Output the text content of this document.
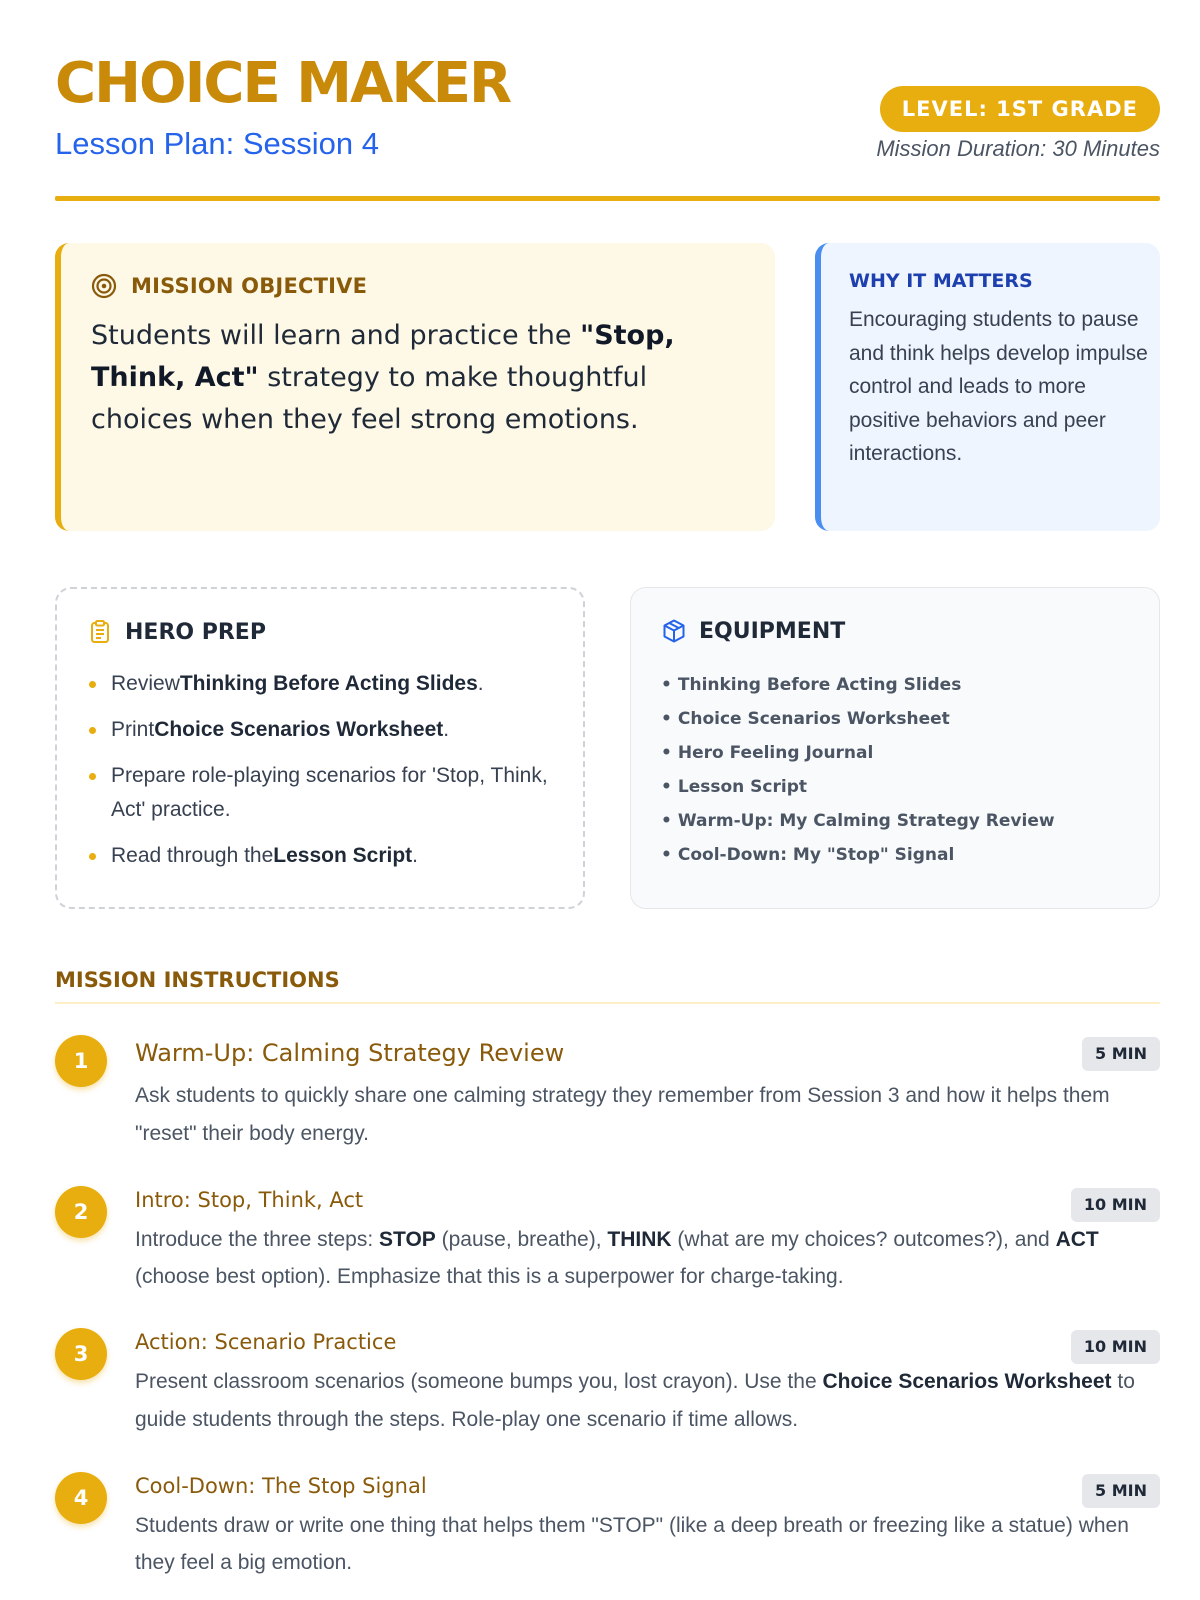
CHOICE MAKER
Lesson Plan: Session 4
LEVEL: 1ST GRADE
Mission Duration: 30 Minutes
MISSION OBJECTIVE
Students will learn and practice the "Stop, Think, Act" strategy to make thoughtful choices when they feel strong emotions.
WHY IT MATTERS
Encouraging students to pause and think helps develop impulse control and leads to more positive behaviors and peer interactions.
HERO PREP
ReviewThinking Before Acting Slides.
PrintChoice Scenarios Worksheet.
Prepare role-playing scenarios for 'Stop, Think, Act' practice.
Read through theLesson Script.
EQUIPMENT
• Thinking Before Acting Slides
• Choice Scenarios Worksheet
• Hero Feeling Journal
• Lesson Script
• Warm-Up: My Calming Strategy Review
• Cool-Down: My "Stop" Signal
MISSION INSTRUCTIONS
1	Warm-Up: Calming Strategy Review	5 MIN
Ask students to quickly share one calming strategy they remember from Session 3 and how it helps them "reset" their body energy.
2	Intro: Stop, Think, Act	10 MIN
Introduce the three steps: STOP (pause, breathe), THINK (what are my choices? outcomes?), and ACT (choose best option). Emphasize that this is a superpower for charge-taking.
3	Action: Scenario Practice	10 MIN
Present classroom scenarios (someone bumps you, lost crayon). Use the Choice Scenarios Worksheet to guide students through the steps. Role-play one scenario if time allows.
4	Cool-Down: The Stop Signal	5 MIN
Students draw or write one thing that helps them "STOP" (like a deep breath or freezing like a statue) when they feel a big emotion.
